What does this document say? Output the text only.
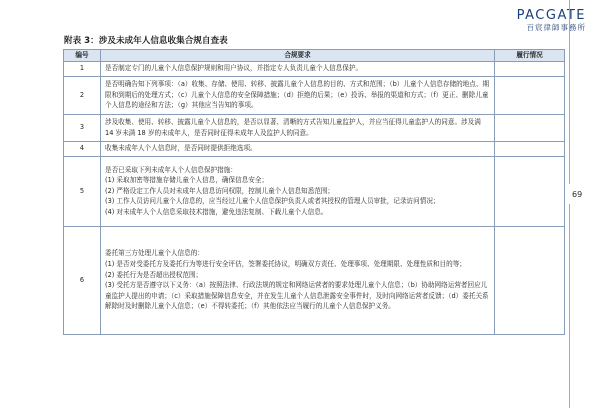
PACGATE
百宸律師事務所
附表 3：涉及未成年人信息收集合规自查表
编号	合规要求	履行情况
1	是否制定专门的儿童个人信息保护规则和用户协议，并指定专人负责儿童个人信息保护。	

2	是否明确告知下列事项：（a）收集、存储、使用、转移、披露儿童个人信息的目的、方式和范围；（b）儿童个人信息存储的地点、期限和到期后的处理方式；（c）儿童个人信息的安全保障措施；（d）拒绝的后果；（e）投诉、举报的渠道和方式；（f）更正、删除儿童个人信息的途径和方法；（g）其他应当告知的事项。	

3	涉及收集、使用、转移、披露儿童个人信息的，是否以显著、清晰的方式告知儿童监护人，并应当征得儿童监护人的同意。涉及满 14 岁未满 18 岁的未成年人，是否同时征得未成年人及监护人的同意。	

4	收集未成年人个人信息时，是否同时提供拒绝选项。	

5	是否已采取下列未成年人个人信息保护措施：
(1) 采取加密等措施存储儿童个人信息，确保信息安全；
(2) 严格设定工作人员对未成年人信息访问权限，控制儿童个人信息知悉范围；
(3) 工作人员访问儿童个人信息的，应当经过儿童个人信息保护负责人或者其授权的管理人员审批，记录访问情况；
(4) 对未成年人个人信息采取技术措施，避免违法复制、下载儿童个人信息。	

6	委托第三方处理儿童个人信息的：
(1) 是否对受委托方及委托行为等进行安全评估，签署委托协议，明确双方责任、处理事项、处理期限、处理性质和目的等；
(2) 委托行为是否超出授权范围；
(3) 受托方是否遵守以下义务：（a）按照法律、行政法规的规定和网络运营者的要求处理儿童个人信息；（b）协助网络运营者回应儿童监护人提出的申请；（c）采取措施保障信息安全，并在发生儿童个人信息泄露安全事件时，及时向网络运营者反馈；（d）委托关系解除时及时删除儿童个人信息；（e）不得转委托；（f）其他依法应当履行的儿童个人信息保护义务。	

69
